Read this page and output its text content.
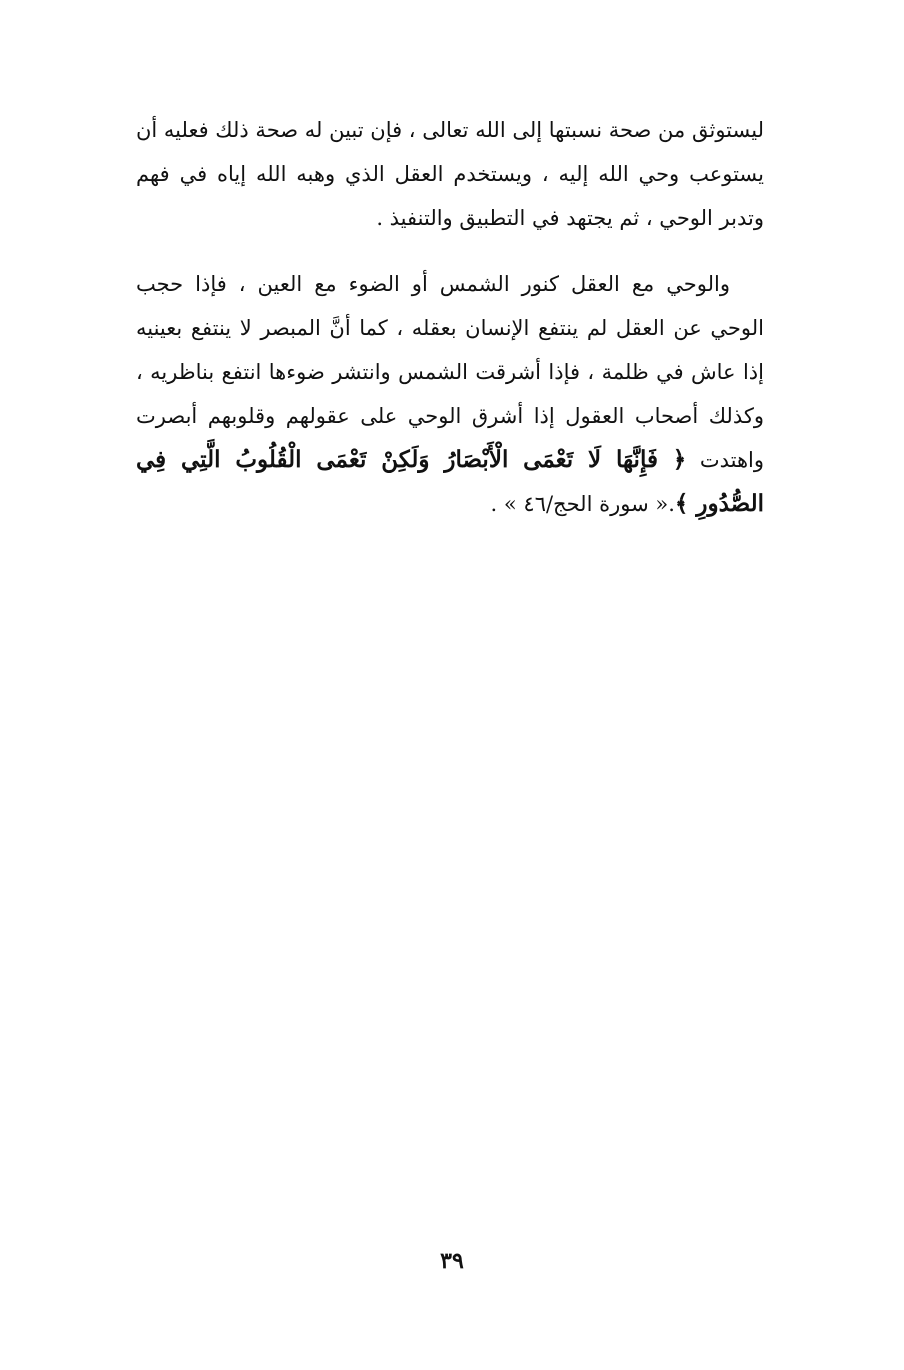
ليستوثق من صحة نسبتها إلى الله تعالى ، فإن تبين له صحة ذلك فعليه أن يستوعب وحي الله إليه ، ويستخدم العقل الذي وهبه الله إياه في فهم وتدبر الوحي ، ثم يجتهد في التطبيق والتنفيذ .

والوحي مع العقل كنور الشمس أو الضوء مع العين ، فإذا حجب الوحي عن العقل لم ينتفع الإنسان بعقله ، كما أنَّ المبصر لا ينتفع بعينيه إذا عاش في ظلمة ، فإذا أشرقت الشمس وانتشر ضوءها انتفع بناظريه ، وكذلك أصحاب العقول إذا أشرق الوحي على عقولهم وقلوبهم أبصرت واهتدت ﴿ فَإِنَّهَا لَا تَعْمَى الْأَبْصَارُ وَلَكِنْ تَعْمَى الْقُلُوبُ الَّتِي فِي الصُّدُورِ ﴾.« سورة الحج/٤٦ » .

٣٩
